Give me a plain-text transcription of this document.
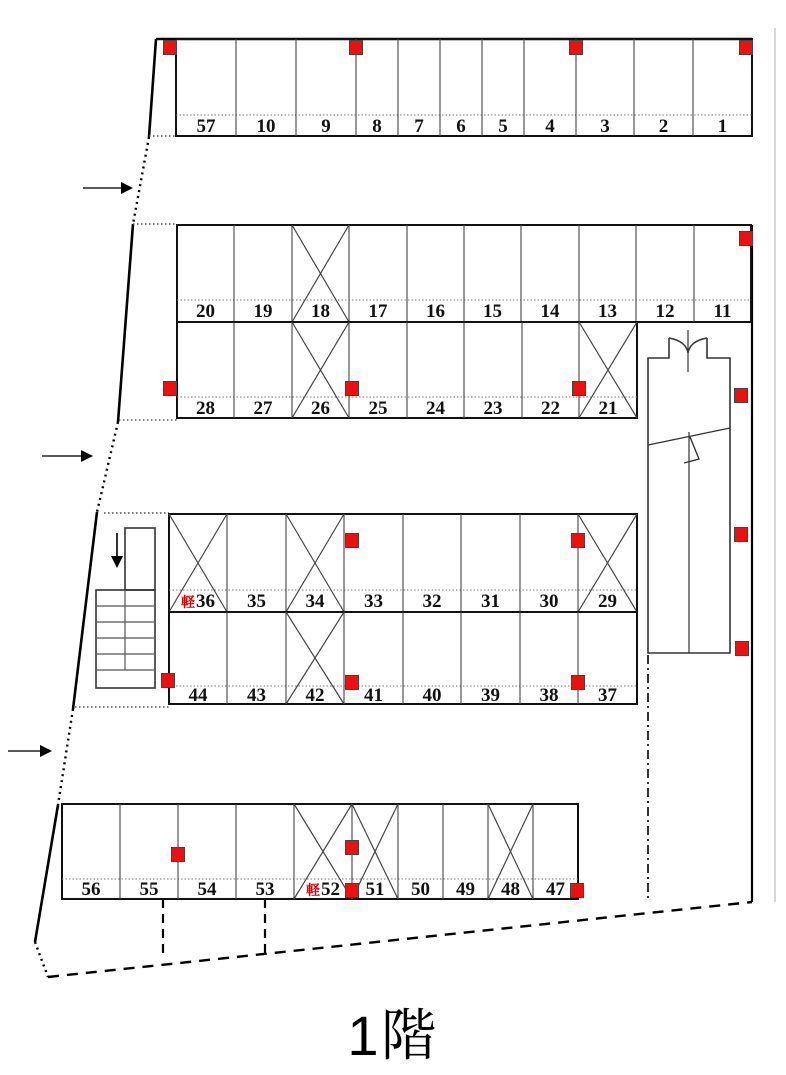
57	10	9	8	7	6	5	4	3	2	1
20	19	18	17	16	15	14	13	12	11
28	27	26	25	24	23	22	21
軽36	35	34	33	32	31	30	29
44	43	42	41	40	39	38	37
56	55	54	53	軽52	51	50	49	48	47
1階
